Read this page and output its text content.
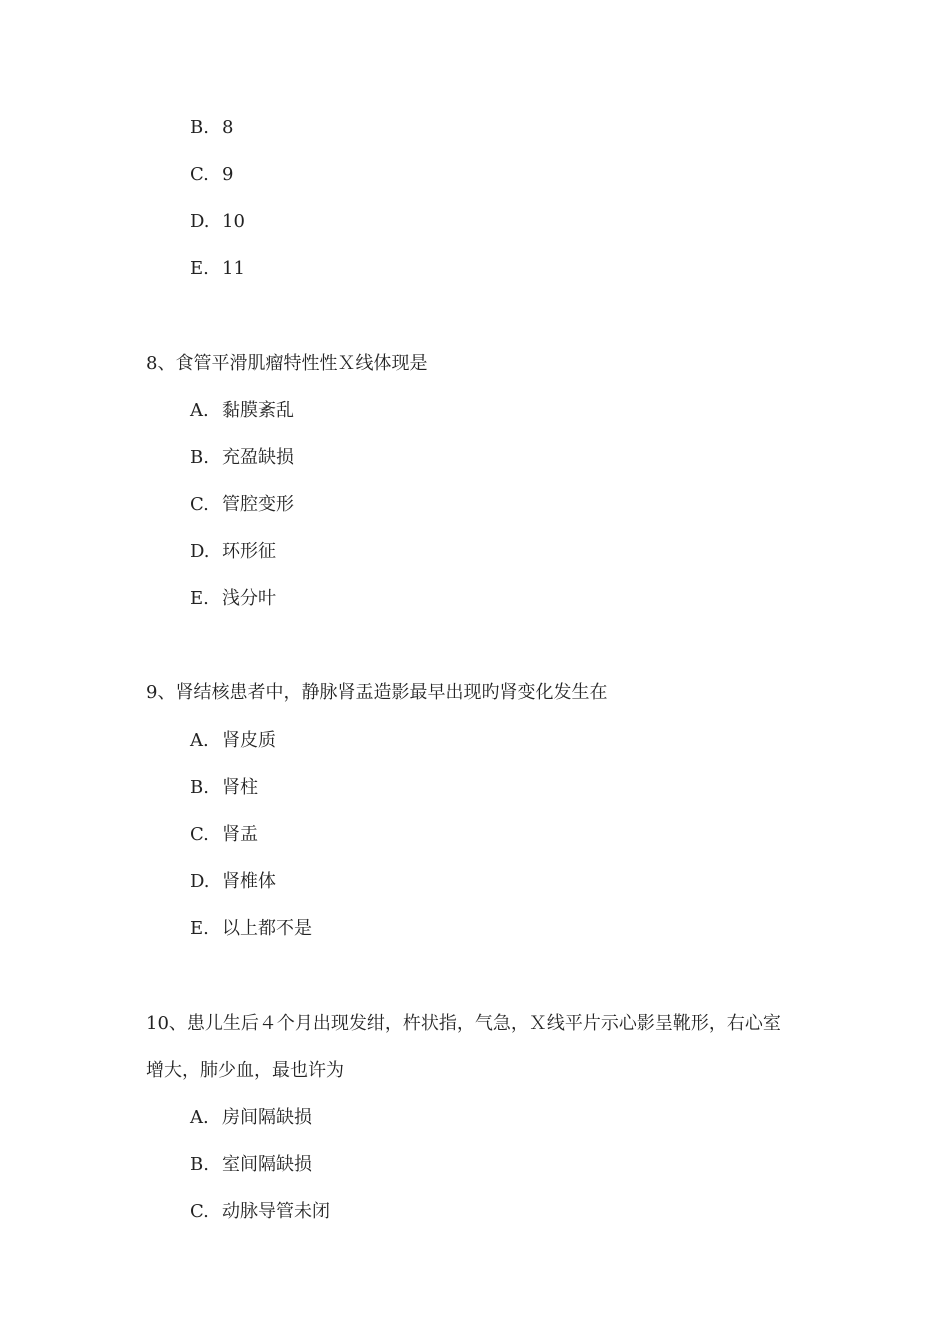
B. 8
C. 9
D. 10
E. 11
8、食管平滑肌瘤特性性Ｘ线体现是
A. 黏膜紊乱
B. 充盈缺损
C. 管腔变形
D. 环形征
E. 浅分叶
9、肾结核患者中，静脉肾盂造影最早出现旳肾变化发生在
A. 肾皮质
B. 肾柱
C. 肾盂
D. 肾椎体
E. 以上都不是
10、患儿生后４个月出现发绀，杵状指，气急，Ｘ线平片示心影呈靴形，右心室
增大，肺少血，最也许为
A. 房间隔缺损
B. 室间隔缺损
C. 动脉导管未闭
